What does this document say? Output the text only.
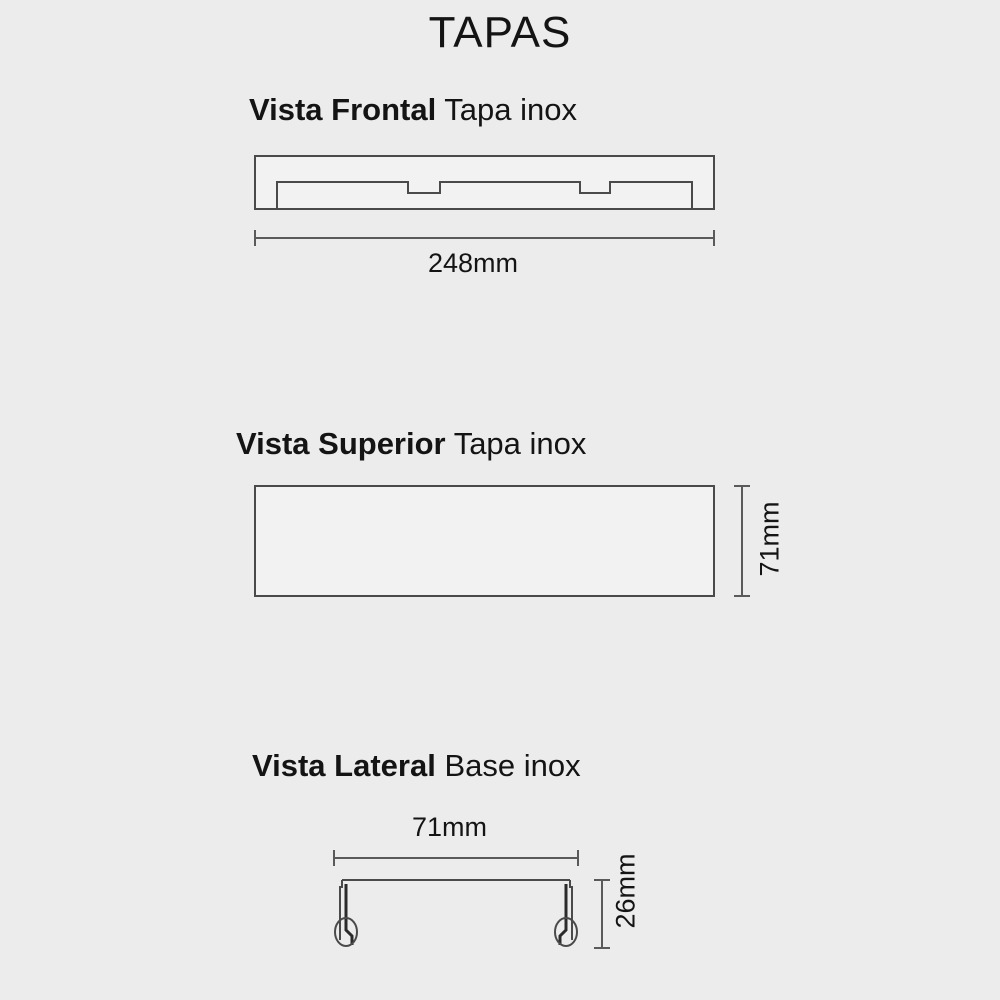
TAPAS
Vista Frontal Tapa inox
248mm
Vista Superior Tapa inox
71mm
Vista Lateral Base inox
71mm
26mm
